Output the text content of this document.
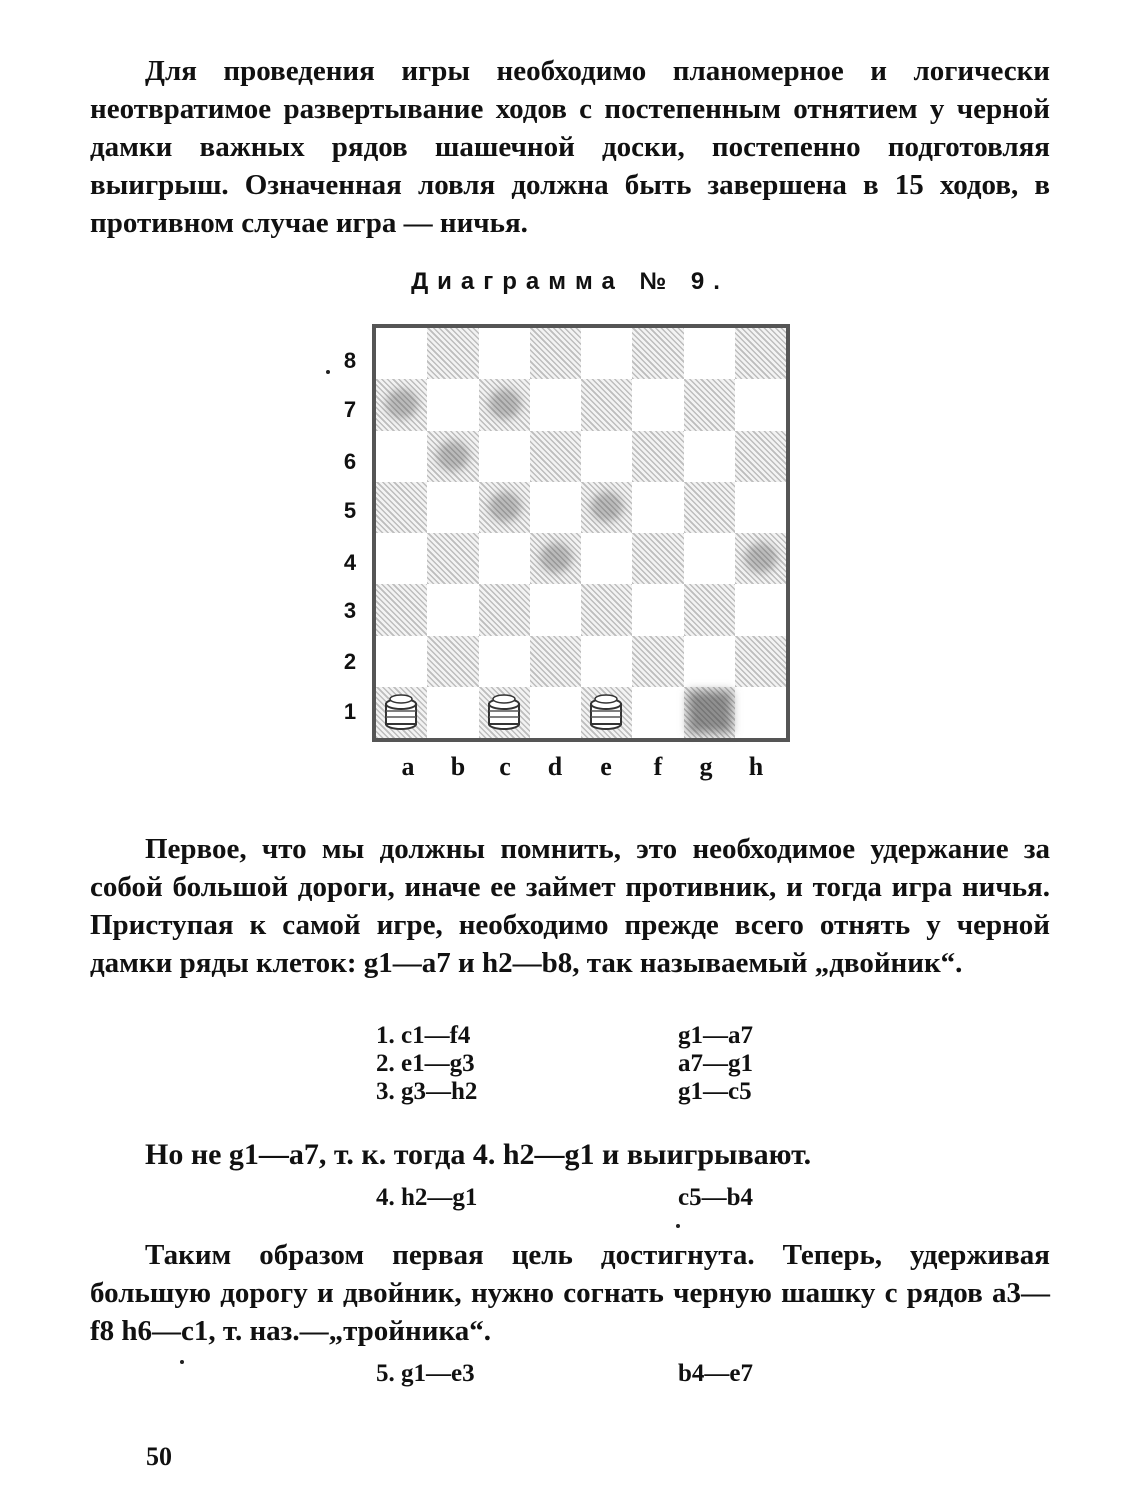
Для проведения игры необходимо планомерное и логически неотвратимое развертывание ходов с постепенным отнятием у черной дамки важных рядов шашечной доски, постепенно подготовляя выигрыш. Означенная ловля должна быть завершена в 15 ходов, в противном случае игра — ничья.

Диаграмма № 9.
8
7
6
5
4
3
2
1
a	b	c	d	e	f	g	h

Первое, что мы должны помнить, это необходимое удержание за собой большой дороги, иначе ее займет противник, и тогда игра ничья. Приступая к самой игре, необходимо прежде всего отнять у черной дамки ряды клеток: g1—a7 и h2—b8, так называемый „двойник“.

1. c1—f4	g1—a7
2. e1—g3	a7—g1
3. g3—h2	g1—c5

Но не g1—a7, т. к. тогда 4. h2—g1 и выигрывают.

4. h2—g1	c5—b4

Таким образом первая цель достигнута. Теперь, удерживая большую дорогу и двойник, нужно согнать черную шашку с рядов a3—f8 h6—c1, т. наз.—„тройника“.

5. g1—e3	b4—e7
50
